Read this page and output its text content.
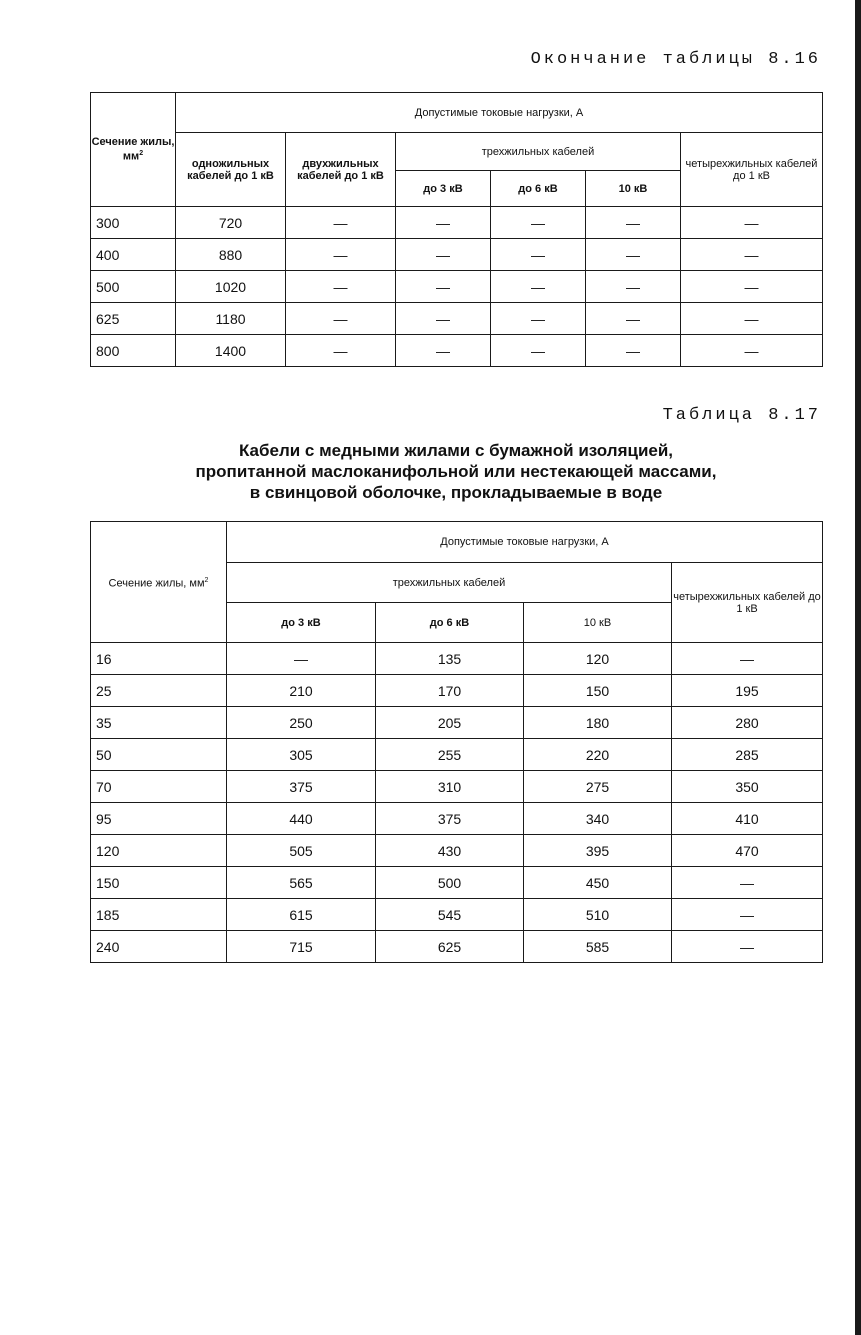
Окончание таблицы 8.16
Сечение жилы, $мм^2$	Допустимые токовые нагрузки, А					
	одножильных кабелей до 1 кВ	двухжильных кабелей до 1 кВ	трехжильных кабелей			четырехжильных кабелей до 1 кВ
			до 3 кВ	до 6 кВ	10 кВ	
300	720	—	—	—	—	—
400	880	—	—	—	—	—
500	1020	—	—	—	—	—
625	1180	—	—	—	—	—
800	1400	—	—	—	—	—
Таблица 8.17
Кабели с медными жилами с бумажной изоляцией,
пропитанной маслоканифольной или нестекающей массами,
в свинцовой оболочке, прокладываемые в воде
Сечение жилы, $мм^2$	Допустимые токовые нагрузки, А			
	трехжильных кабелей			четырехжильных кабелей до 1 кВ
	до 3 кВ	до 6 кВ	10 кВ	
16	—	135	120	—
25	210	170	150	195
35	250	205	180	280
50	305	255	220	285
70	375	310	275	350
95	440	375	340	410
120	505	430	395	470
150	565	500	450	—
185	615	545	510	—
240	715	625	585	—
